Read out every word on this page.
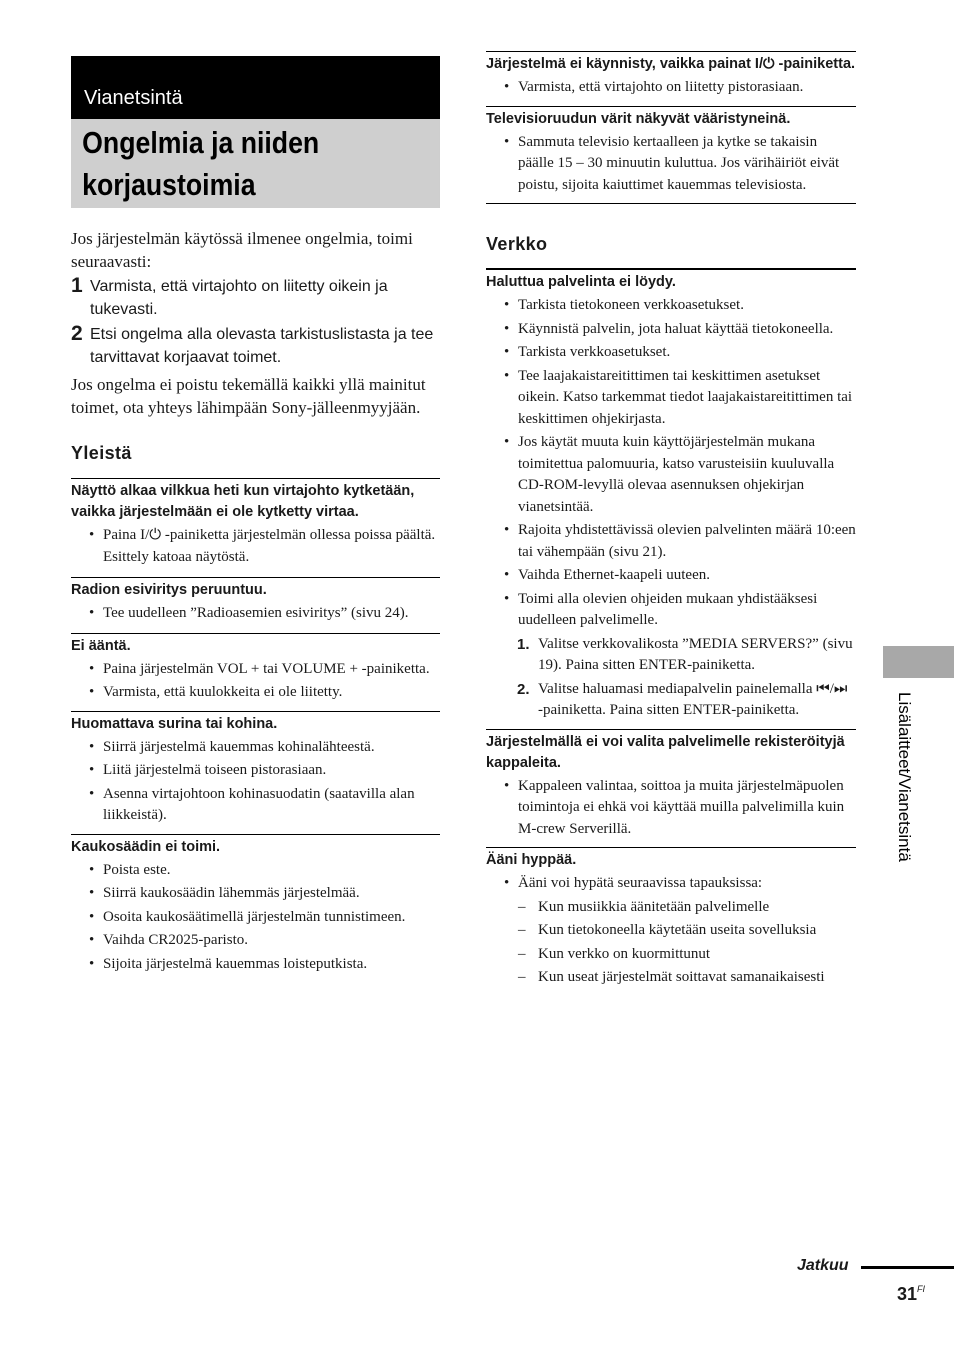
Vianetsintä
Ongelmia ja niiden korjaustoimia

Jos järjestelmän käytössä ilmenee ongelmia, toimi seuraavasti:

1 Varmista, että virtajohto on liitetty oikein ja tukevasti.
2 Etsi ongelma alla olevasta tarkistuslistasta ja tee tarvittavat korjaavat toimet.

Jos ongelma ei poistu tekemällä kaikki yllä mainitut toimet, ota yhteys lähimpään Sony-jälleenmyyjään.

Yleistä
Näyttö alkaa vilkkua heti kun virtajohto kytketään, vaikka järjestelmään ei ole kytketty virtaa.
• Paina I/⏻ -painiketta järjestelmän ollessa poissa päältä. Esittely katoaa näytöstä.
Radion esiviritys peruuntuu.
• Tee uudelleen ”Radioasemien esiviritys” (sivu 24).
Ei ääntä.
• Paina järjestelmän VOL + tai VOLUME + -painiketta.
• Varmista, että kuulokkeita ei ole liitetty.
Huomattava surina tai kohina.
• Siirrä järjestelmä kauemmas kohinalähteestä.
• Liitä järjestelmä toiseen pistorasiaan.
• Asenna virtajohtoon kohinasuodatin (saatavilla alan liikkeistä).
Kaukosäädin ei toimi.
• Poista este.
• Siirrä kaukosäädin lähemmäs järjestelmää.
• Osoita kaukosäätimellä järjestelmän tunnistimeen.
• Vaihda CR2025-paristo.
• Sijoita järjestelmä kauemmas loisteputkista.
Järjestelmä ei käynnisty, vaikka painat I/⏻ -painiketta.
• Varmista, että virtajohto on liitetty pistorasiaan.
Televisioruudun värit näkyvät vääristyneinä.
• Sammuta televisio kertaalleen ja kytke se takaisin päälle 15 – 30 minuutin kuluttua. Jos värihäiriöt eivät poistu, sijoita kaiuttimet kauemmas televisiosta.
Verkko
Haluttua palvelinta ei löydy.
• Tarkista tietokoneen verkkoasetukset.
• Käynnistä palvelin, jota haluat käyttää tietokoneella.
• Tarkista verkkoasetukset.
• Tee laajakaistareitittimen tai keskittimen asetukset oikein. Katso tarkemmat tiedot laajakaistareitittimen tai keskittimen ohjekirjasta.
• Jos käytät muuta kuin käyttöjärjestelmän mukana toimitettua palomuuria, katso varusteisiin kuuluvalla CD-ROM-levyllä olevaa asennuksen ohjekirjan vianetsintää.
• Rajoita yhdistettävissä olevien palvelinten määrä 10:een tai vähempään (sivu 21).
• Vaihda Ethernet-kaapeli uuteen.
• Toimi alla olevien ohjeiden mukaan yhdistääksesi uudelleen palvelimelle.
1. Valitse verkkovalikosta ”MEDIA SERVERS?” (sivu 19). Paina sitten ENTER-painiketta.
2. Valitse haluamasi mediapalvelin painelemalla ⏮/⏭ -painiketta. Paina sitten ENTER-painiketta.
Järjestelmällä ei voi valita palvelimelle rekisteröityjä kappaleita.
• Kappaleen valintaa, soittoa ja muita järjestelmäpuolen toimintoja ei ehkä voi käyttää muilla palvelimilla kuin M-crew Serverillä.
Ääni hyppää.
• Ääni voi hypätä seuraavissa tapauksissa:
– Kun musiikkia äänitetään palvelimelle
– Kun tietokoneella käytetään useita sovelluksia
– Kun verkko on kuormittunut
– Kun useat järjestelmät soittavat samanaikaisesti
Lisälaitteet/Vianetsintä
Jatkuu
$31^{FI}$
